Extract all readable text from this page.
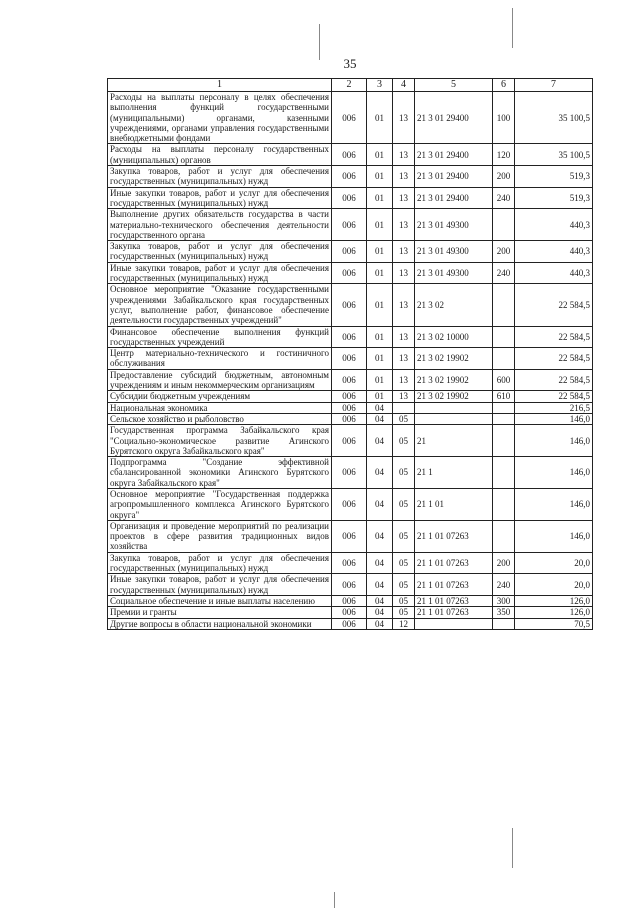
35
1	2	3	4	5	6	7
Расходы на выплаты персоналу в целях обеспечения выполнения функций государственными (муниципальными) органами, казенными учреждениями, органами управления государственными внебюджетными фондами	006	01	13	21 3 01 29400	100	35 100,5
Расходы на выплаты персоналу государственных (муниципальных) органов	006	01	13	21 3 01 29400	120	35 100,5
Закупка товаров, работ и услуг для обеспечения государственных (муниципальных) нужд	006	01	13	21 3 01 29400	200	519,3
Иные закупки товаров, работ и услуг для обеспечения государственных (муниципальных) нужд	006	01	13	21 3 01 29400	240	519,3
Выполнение других обязательств государства в части материально-технического обеспечения деятельности государственного органа	006	01	13	21 3 01 49300		440,3
Закупка товаров, работ и услуг для обеспечения государственных (муниципальных) нужд	006	01	13	21 3 01 49300	200	440,3
Иные закупки товаров, работ и услуг для обеспечения государственных (муниципальных) нужд	006	01	13	21 3 01 49300	240	440,3
Основное мероприятие "Оказание государственными учреждениями Забайкальского края государственных услуг, выполнение работ, финансовое обеспечение деятельности государственных учреждений"	006	01	13	21 3 02		22 584,5
Финансовое обеспечение выполнения функций государственных учреждений	006	01	13	21 3 02 10000		22 584,5
Центр материально-технического и гостиничного обслуживания	006	01	13	21 3 02 19902		22 584,5
Предоставление субсидий бюджетным, автономным учреждениям и иным некоммерческим организациям	006	01	13	21 3 02 19902	600	22 584,5
Субсидии бюджетным учреждениям	006	01	13	21 3 02 19902	610	22 584,5
Национальная экономика	006	04				216,5
Сельское хозяйство и рыболовство	006	04	05			146,0
Государственная программа Забайкальского края "Социально-экономическое развитие Агинского Бурятского округа Забайкальского края"	006	04	05	21		146,0
Подпрограмма "Создание эффективной сбалансированной экономики Агинского Бурятского округа Забайкальского края"	006	04	05	21 1		146,0
Основное мероприятие "Государственная поддержка агропромышленного комплекса Агинского Бурятского округа"	006	04	05	21 1 01		146,0
Организация и проведение мероприятий по реализации проектов в сфере развития традиционных видов хозяйства	006	04	05	21 1 01 07263		146,0
Закупка товаров, работ и услуг для обеспечения государственных (муниципальных) нужд	006	04	05	21 1 01 07263	200	20,0
Иные закупки товаров, работ и услуг для обеспечения государственных (муниципальных) нужд	006	04	05	21 1 01 07263	240	20,0
Социальное обеспечение и иные выплаты населению	006	04	05	21 1 01 07263	300	126,0
Премии и гранты	006	04	05	21 1 01 07263	350	126,0
Другие вопросы в области национальной экономики	006	04	12			70,5
